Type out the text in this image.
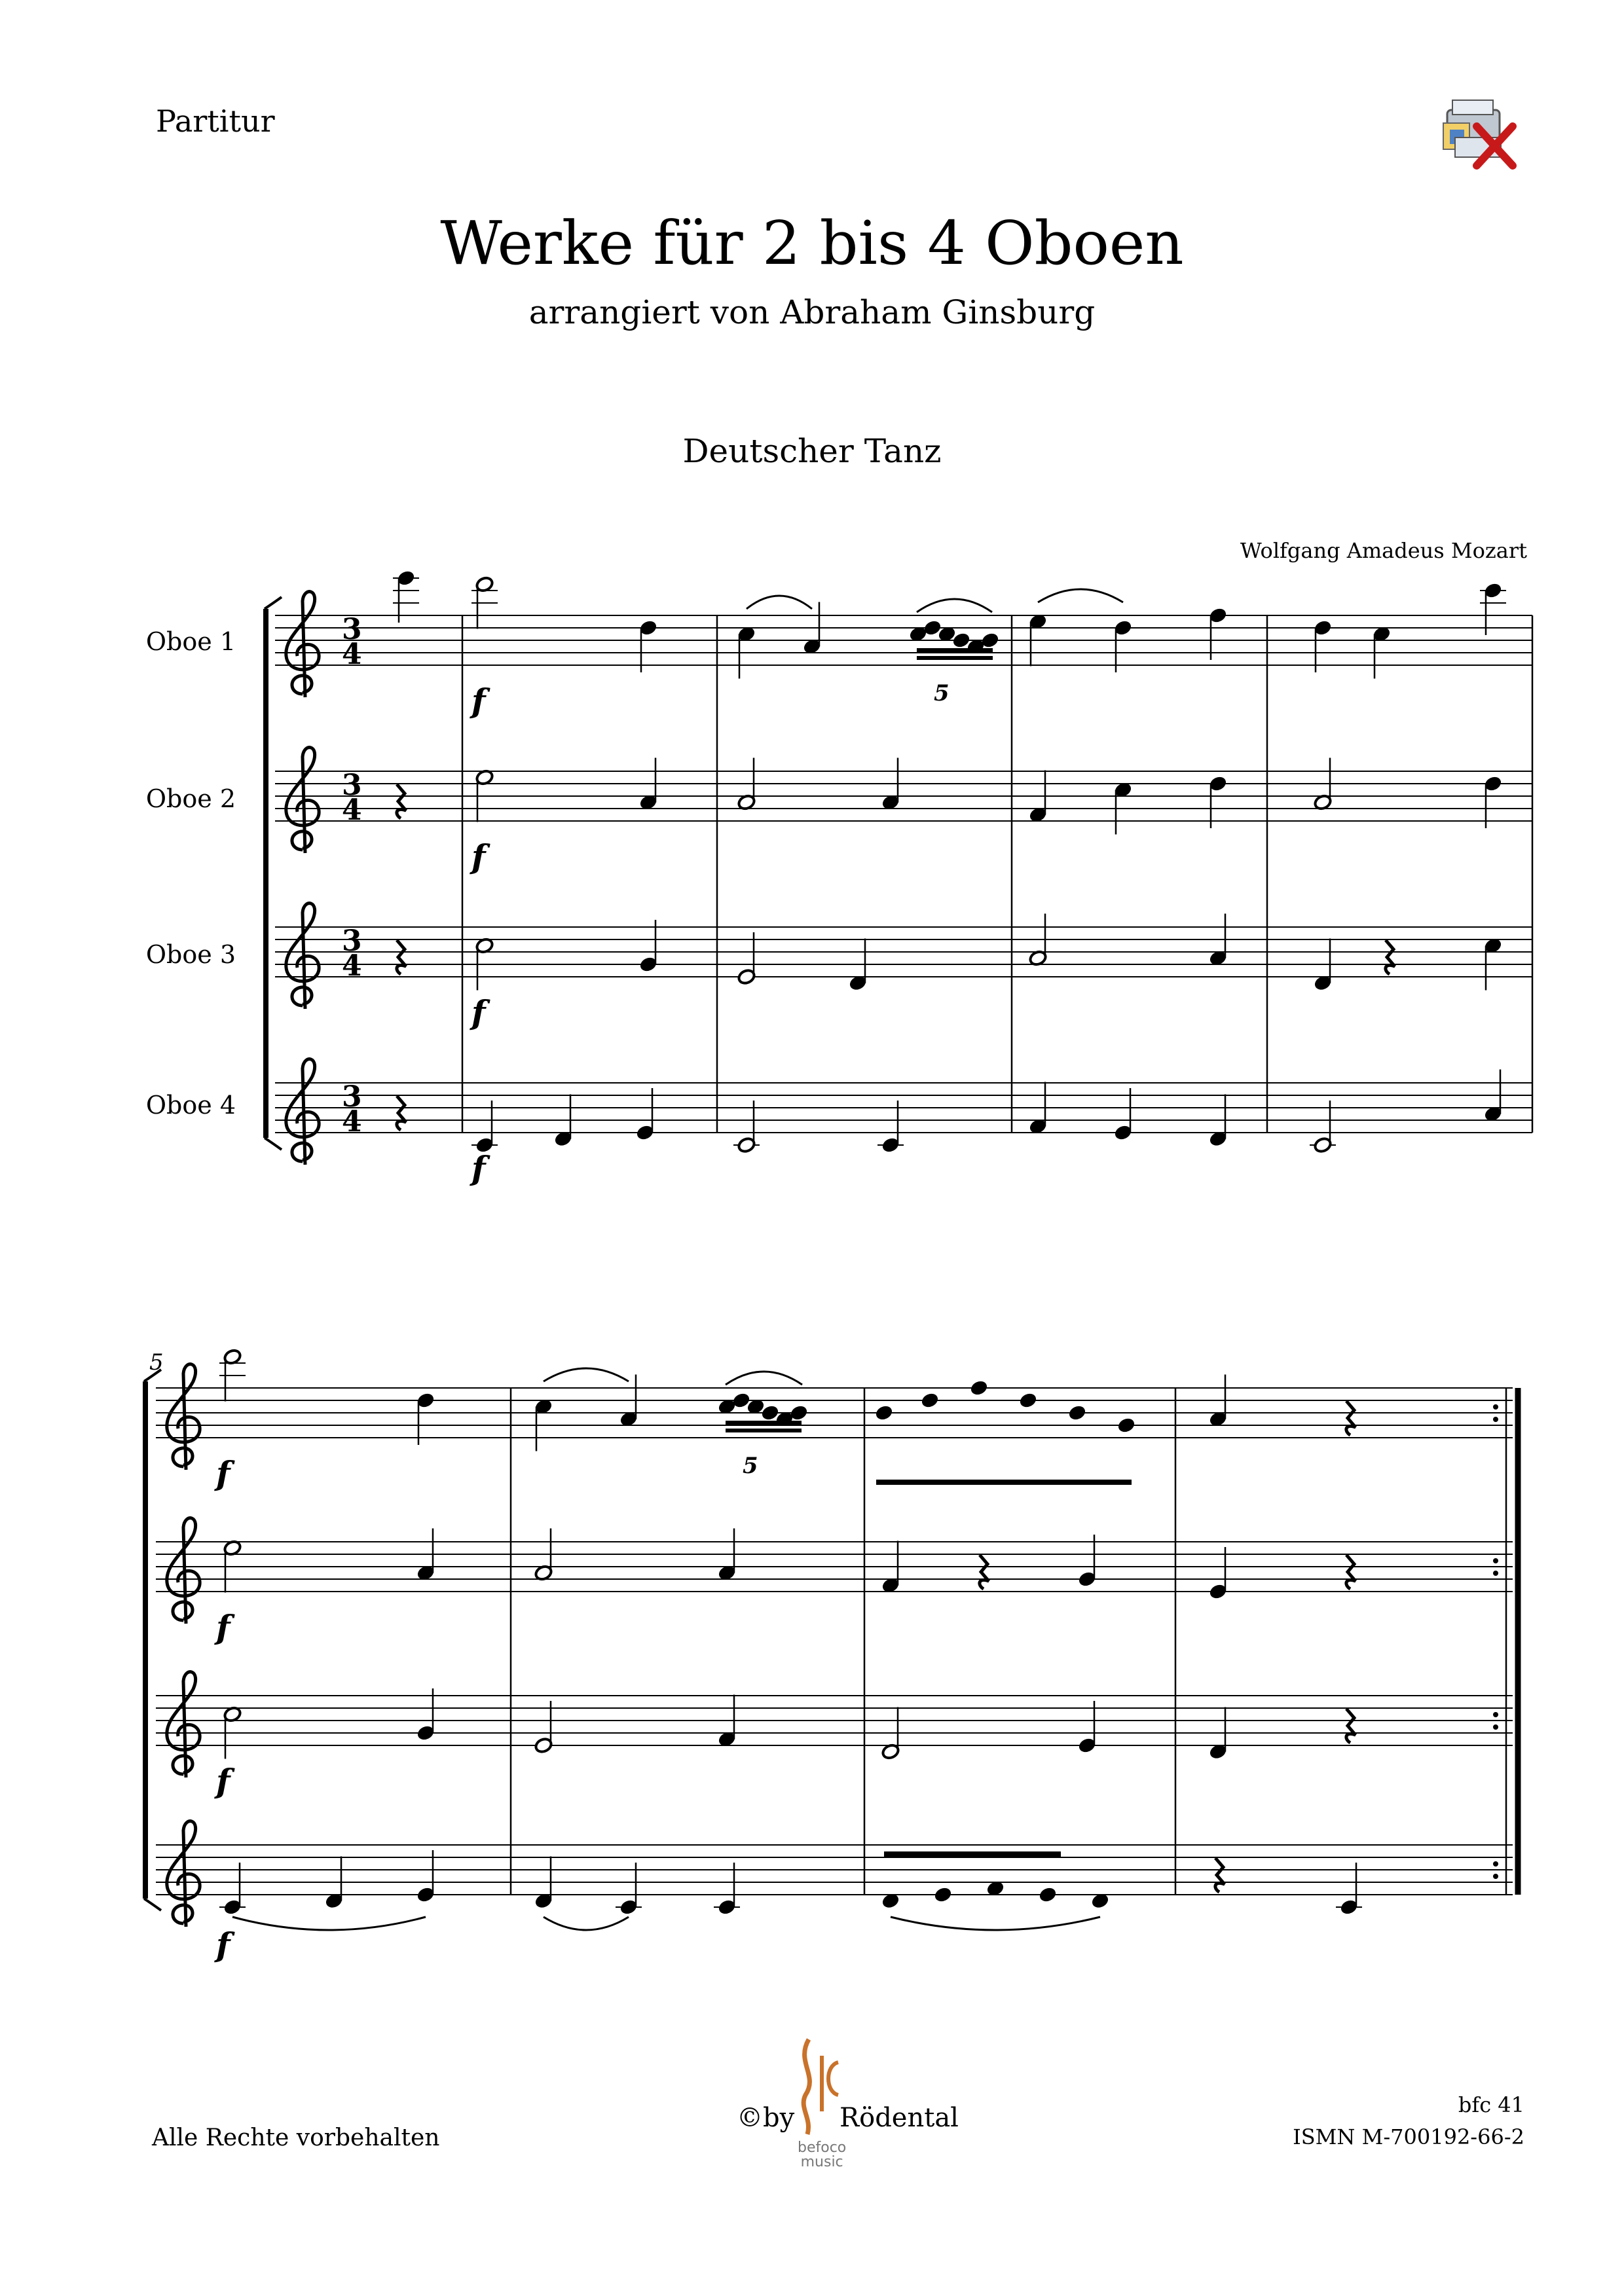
Partitur
Werke für 2 bis 4 Oboen
arrangiert von Abraham Ginsburg
Deutscher Tanz
Wolfgang Amadeus Mozart
Oboe 1
Oboe 2
Oboe 3
Oboe 4
3
4
3
4
3
4
3
4
5
f
f
f
f
5
5
f
f
f
f
Alle Rechte vorbehalten
bfc 41
ISMN M-700192-66-2
©by Rödental
befoco
music
